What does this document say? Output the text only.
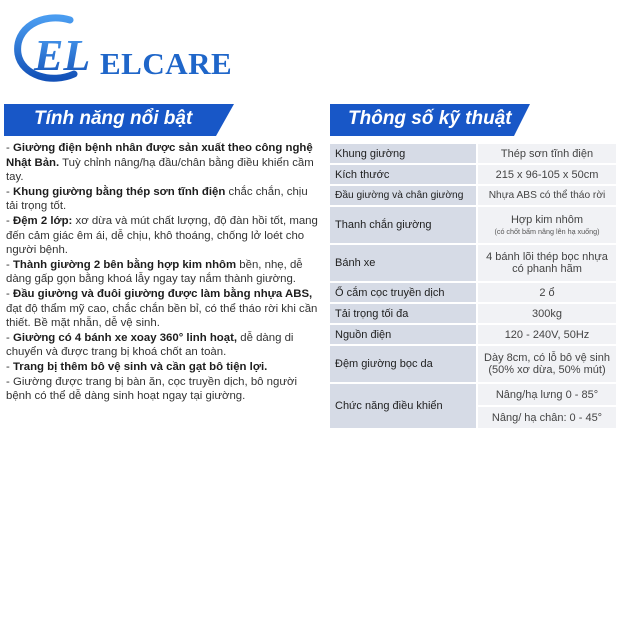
EL ELCARE
Tính năng nổi bật	Thông số kỹ thuật

- Giường điện bệnh nhân được sản xuất theo công nghệ Nhật Bản. Tuỳ chỉnh nâng/hạ đầu/chân bằng điều khiển cầm tay.

- Khung giường bằng thép sơn tĩnh điện chắc chắn, chịu tải trọng tốt.

- Đệm 2 lớp: xơ dừa và mút chất lượng, độ đàn hồi tốt, mang đến cảm giác êm ái, dễ chịu, khô thoáng, chống lở loét cho người bệnh.

- Thành giường 2 bên bằng hợp kim nhôm bền, nhẹ, dễ dàng gấp gọn bằng khoá lẫy ngay tay nắm thành giường.

- Đầu giường và đuôi giường được làm bằng nhựa ABS, đạt độ thẩm mỹ cao, chắc chắn bền bỉ, có thể tháo rời khi cần thiết. Bề mặt nhẵn, dễ vệ sinh.

- Giường có 4 bánh xe xoay 360° linh hoạt, dễ dàng di chuyển và được trang bị khoá chốt an toàn.

- Trang bị thêm bô vệ sinh và cần gạt bô tiện lợi.

- Giường được trang bị bàn ăn, cọc truyền dịch, bô người bệnh có thể dễ dàng sinh hoạt ngay tại giường.

Khung giường	Thép sơn tĩnh điện
Kích thước	215 x 96-105 x 50cm
Đầu giường và chân giường	Nhựa ABS có thể tháo rời
Thanh chắn giường	Hợp kim nhôm
(có chốt bấm nâng lên hạ xuống)

Bánh xe	4 bánh lõi thép bọc nhựa
có phanh hãm

Ổ cắm cọc truyền dịch	2 ổ
Tải trọng tối đa	300kg
Nguồn điện	120 - 240V, 50Hz
Đệm giường bọc da	Dày 8cm, có lỗ bô vệ sinh
(50% xơ dừa, 50% mút)

Chức năng điều khiển	Nâng/hạ lưng 0 - 85°
	Nâng/ hạ chân: 0 - 45°
